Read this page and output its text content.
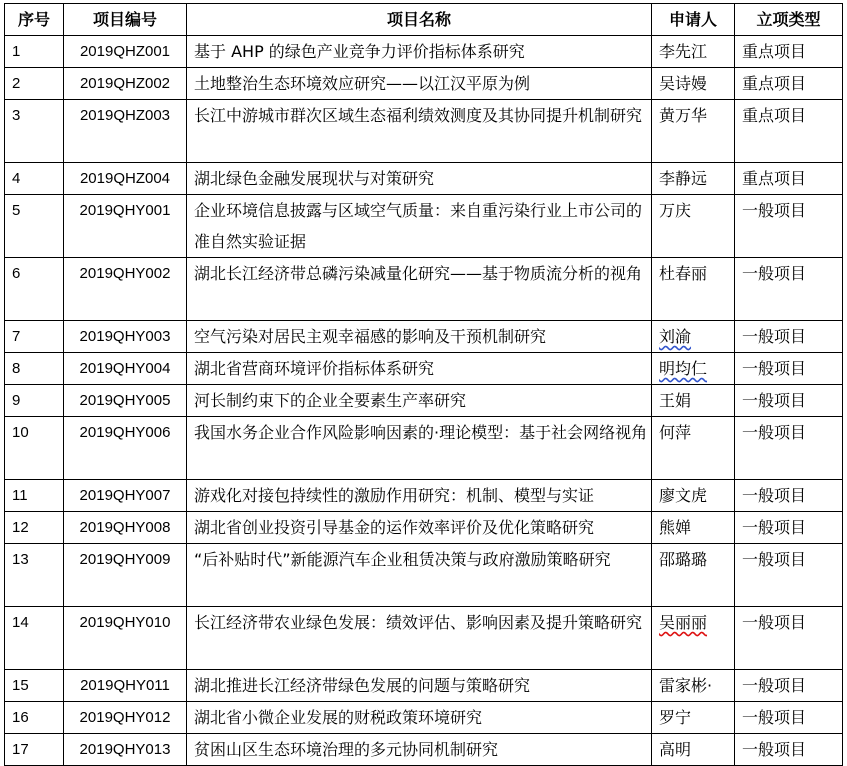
序号	项目编号	项目名称	申请人	立项类型
1	2019QHZ001	基于 AHP 的绿色产业竞争力评价指标体系研究	李先江	重点项目
2	2019QHZ002	土地整治生态环境效应研究——以江汉平原为例	吴诗嫚	重点项目
3	2019QHZ003	长江中游城市群次区域生态福利绩效测度及其协同提升机制研究	黄万华	重点项目
4	2019QHZ004	湖北绿色金融发展现状与对策研究	李静远	重点项目
5	2019QHY001	企业环境信息披露与区域空气质量：来自重污染行业上市公司的准自然实验证据	万庆	一般项目
6	2019QHY002	湖北长江经济带总磷污染减量化研究——基于物质流分析的视角	杜春丽	一般项目
7	2019QHY003	空气污染对居民主观幸福感的影响及干预机制研究	刘渝	一般项目
8	2019QHY004	湖北省营商环境评价指标体系研究	明均仁	一般项目
9	2019QHY005	河长制约束下的企业全要素生产率研究	王娟	一般项目
10	2019QHY006	我国水务企业合作风险影响因素的·理论模型：基于社会网络视角	何萍	一般项目
11	2019QHY007	游戏化对接包持续性的激励作用研究：机制、模型与实证	廖文虎	一般项目
12	2019QHY008	湖北省创业投资引导基金的运作效率评价及优化策略研究	熊婵	一般项目
13	2019QHY009	“后补贴时代”新能源汽车企业租赁决策与政府激励策略研究	邵璐璐	一般项目
14	2019QHY010	长江经济带农业绿色发展：绩效评估、影响因素及提升策略研究	吴丽丽	一般项目
15	2019QHY011	湖北推进长江经济带绿色发展的问题与策略研究	雷家彬·	一般项目
16	2019QHY012	湖北省小微企业发展的财税政策环境研究	罗宁	一般项目
17	2019QHY013	贫困山区生态环境治理的多元协同机制研究	高明	一般项目
